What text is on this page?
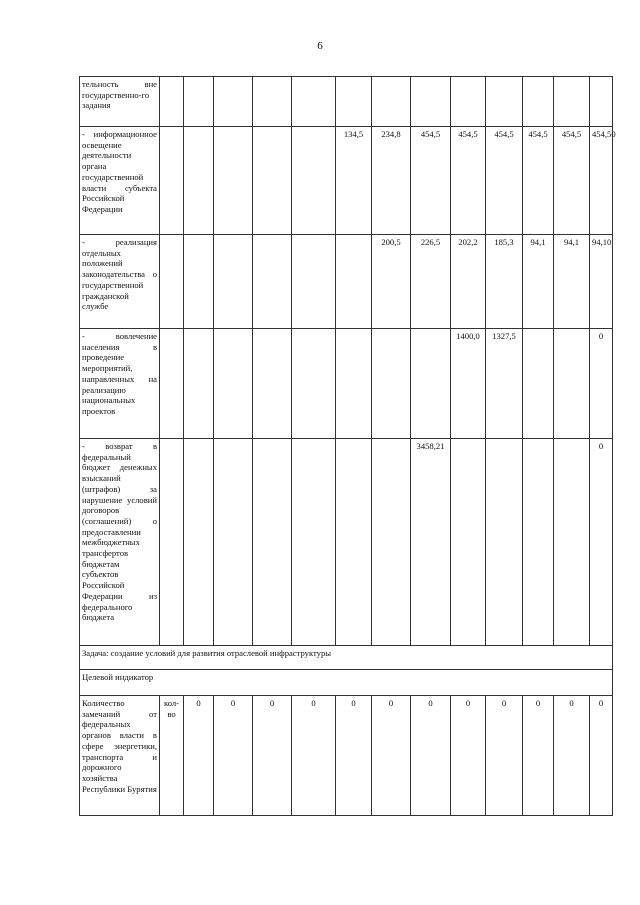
6
тельность вне государственно-го задания													
- информационное освещение деятельности органа государственной власти субъекта Российской Федерации						134,5	234,8	454,5	454,5	454,5	454,5	454,5	454,50
- реализация отдельных положений законодательства о государственной гражданской службе							200,5	226,5	202,2	185,3	94,1	94,1	94,10
- вовлечение населения в проведение мероприятий, направленных на реализацию национальных проектов									1400,0	1327,5			0
- возврат в федеральный бюджет денежных взысканий (штрафов) за нарушение условий договоров (соглашений) о предоставлении межбюджетных трансфертов бюджетам субъектов Российской Федерации из федерального бюджета								3458,21					0
Задача: создание условий для развития отраслевой инфраструктуры													
Целевой индикатор													
Количество замечаний от федеральных органов власти в сфере энергетики, транспорта и дорожного хозяйства Республики Бурятия	кол-во	0	0	0	0	0	0	0	0	0	0	0	0
